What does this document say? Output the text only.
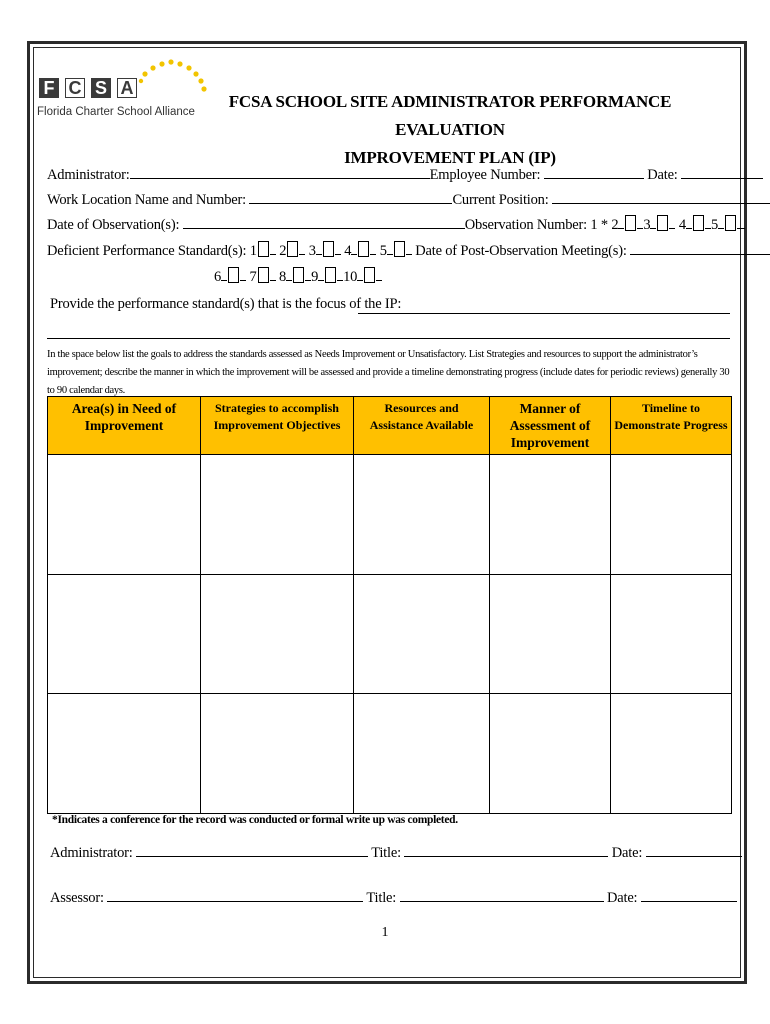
F C S A
Florida Charter School Alliance
FCSA SCHOOL SITE ADMINISTRATOR PERFORMANCE EVALUATION
IMPROVEMENT PLAN (IP)
Administrator:	Employee Number:	Date:
Work Location Name and Number:	Current Position:
Date of Observation(s):	Observation Number: 1 * 2 3 4 5
Deficient Performance Standard(s): 1 2 3 4 5 Date of Post-Observation Meeting(s):
6 7 8 9 10
Provide the performance standard(s) that is the focus of the IP:
In the space below list the goals to address the standards assessed as Needs Improvement or Unsatisfactory. List Strategies and resources to support the administrator’s improvement; describe the manner in which the improvement will be assessed and provide a timeline demonstrating progress (include dates for periodic reviews) generally 30 to 90 calendar days.
Area(s) in Need of Improvement	Strategies to accomplish Improvement Objectives	Resources and Assistance Available	Manner of Assessment of Improvement	Timeline to Demonstrate Progress

*Indicates a conference for the record was conducted or formal write up was completed.
Administrator:	Title:	Date:
Assessor:	Title:	Date:
1
